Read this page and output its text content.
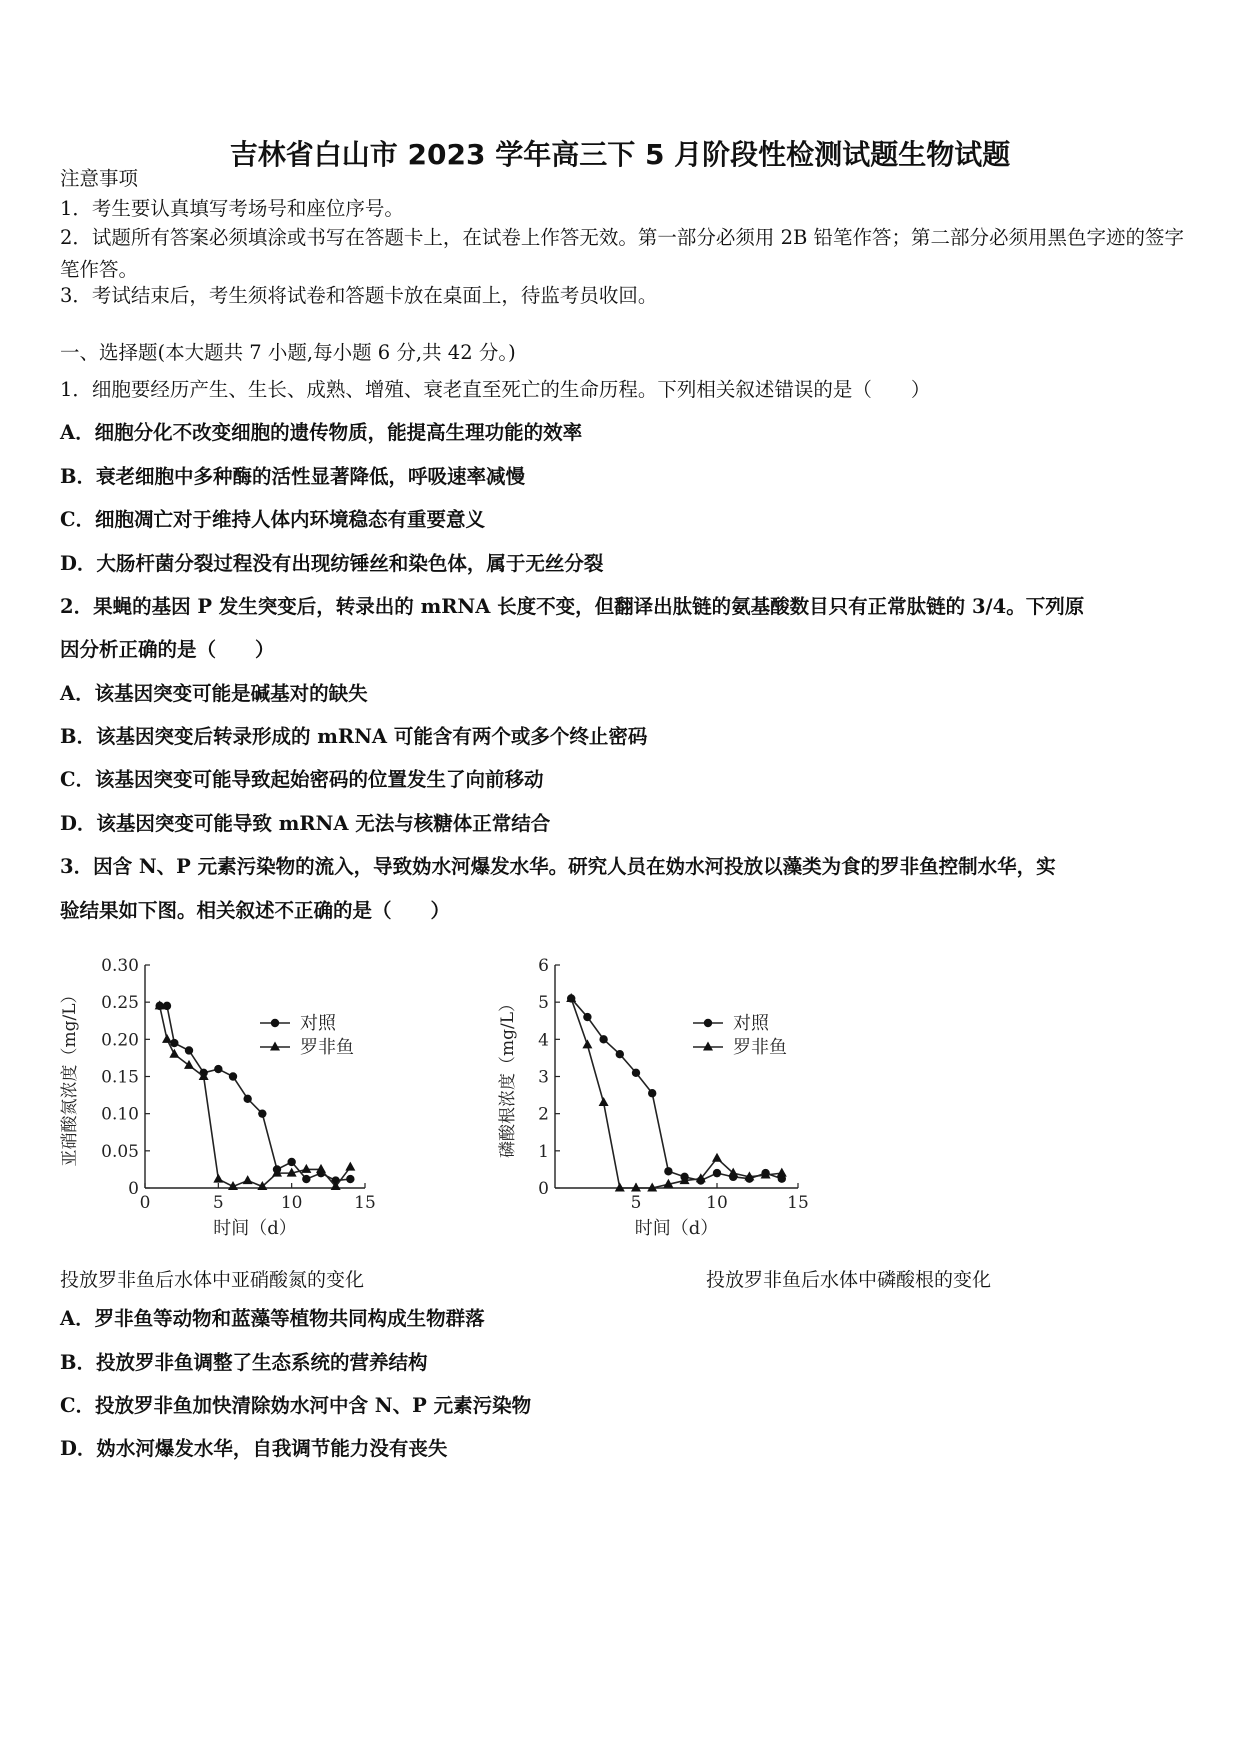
吉林省白山市 2023 学年高三下 5 月阶段性检测试题生物试题
注意事项
1．考生要认真填写考场号和座位序号。
2．试题所有答案必须填涂或书写在答题卡上，在试卷上作答无效。第一部分必须用 2B 铅笔作答；第二部分必须用黑色字迹的签字笔作答。
3．考试结束后，考生须将试卷和答题卡放在桌面上，待监考员收回。
一、选择题(本大题共 7 小题,每小题 6 分,共 42 分。)
1．细胞要经历产生、生长、成熟、增殖、衰老直至死亡的生命历程。下列相关叙述错误的是（　　）
A．细胞分化不改变细胞的遗传物质，能提高生理功能的效率
B．衰老细胞中多种酶的活性显著降低，呼吸速率减慢
C．细胞凋亡对于维持人体内环境稳态有重要意义
D．大肠杆菌分裂过程没有出现纺锤丝和染色体，属于无丝分裂
2．果蝇的基因 P 发生突变后，转录出的 mRNA 长度不变，但翻译出肽链的氨基酸数目只有正常肽链的 3/4。下列原
因分析正确的是（　　）
A．该基因突变可能是碱基对的缺失
B．该基因突变后转录形成的 mRNA 可能含有两个或多个终止密码
C．该基因突变可能导致起始密码的位置发生了向前移动
D．该基因突变可能导致 mRNA 无法与核糖体正常结合
3．因含 N、P 元素污染物的流入，导致妫水河爆发水华。研究人员在妫水河投放以藻类为食的罗非鱼控制水华，实
验结果如下图。相关叙述不正确的是（　　）
0
0.05
0.10
0.15
0.20
0.25
0.30
0	5	10	15
时间（d）
亚硝酸氮浓度（mg/L）	对照
罗非鱼
0
1
2
3
4
5
6
5	10	15
时间（d）
磷酸根浓度（mg/L）	对照
罗非鱼
投放罗非鱼后水体中亚硝酸氮的变化	投放罗非鱼后水体中磷酸根的变化
A．罗非鱼等动物和蓝藻等植物共同构成生物群落
B．投放罗非鱼调整了生态系统的营养结构
C．投放罗非鱼加快清除妫水河中含 N、P 元素污染物
D．妫水河爆发水华，自我调节能力没有丧失
